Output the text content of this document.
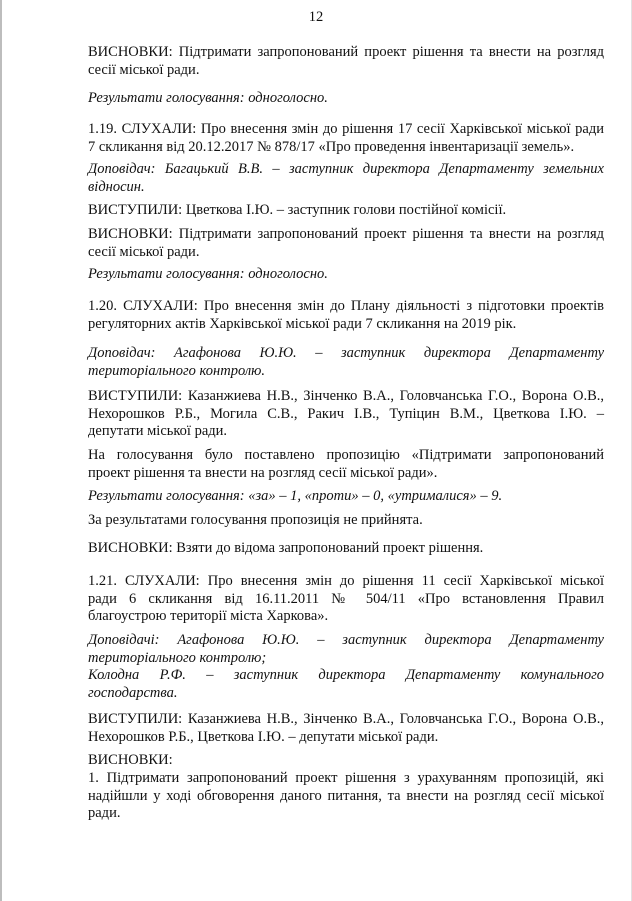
12
ВИСНОВКИ: Підтримати запропонований проект рішення та внести на розгляд
сесії міської ради.
Результати голосування: одноголосно.
1.19. СЛУХАЛИ: Про внесення змін до рішення 17 сесії Харківської міської ради
7 скликання від 20.12.2017 № 878/17 «Про проведення інвентаризації земель».
Доповідач: Багацький В.В. – заступник директора Департаменту земельних
відносин.
ВИСТУПИЛИ: Цветкова І.Ю. – заступник голови постійної комісії.
ВИСНОВКИ: Підтримати запропонований проект рішення та внести на розгляд
сесії міської ради.
Результати голосування: одноголосно.
1.20. СЛУХАЛИ: Про внесення змін до Плану діяльності з підготовки проектів
регуляторних актів Харківської міської ради 7 скликання на 2019 рік.
Доповідач: Агафонова Ю.Ю. – заступник директора Департаменту
територіального контролю.
ВИСТУПИЛИ: Казанжиева Н.В., Зінченко В.А., Головчанська Г.О., Ворона О.В.,
Нехорошков Р.Б., Могила С.В., Ракич І.В., Тупіцин В.М., Цветкова І.Ю. –
депутати міської ради.
На голосування було поставлено пропозицію «Підтримати запропонований
проект рішення та внести на розгляд сесії міської ради».
Результати голосування: «за» – 1, «проти» – 0, «утрималися» – 9.
За результатами голосування пропозиція не прийнята.
ВИСНОВКИ: Взяти до відома запропонований проект рішення.
1.21. СЛУХАЛИ: Про внесення змін до рішення 11 сесії Харківської міської
ради 6 скликання від 16.11.2011 № 504/11 «Про встановлення Правил
благоустрою території міста Харкова».
Доповідачі: Агафонова Ю.Ю. – заступник директора Департаменту
територіального контролю;
Колодна Р.Ф. – заступник директора Департаменту комунального
господарства.
ВИСТУПИЛИ: Казанжиева Н.В., Зінченко В.А., Головчанська Г.О., Ворона О.В.,
Нехорошков Р.Б., Цветкова І.Ю. – депутати міської ради.
ВИСНОВКИ:
1. Підтримати запропонований проект рішення з урахуванням пропозицій, які
надійшли у ході обговорення даного питання, та внести на розгляд сесії міської
ради.
